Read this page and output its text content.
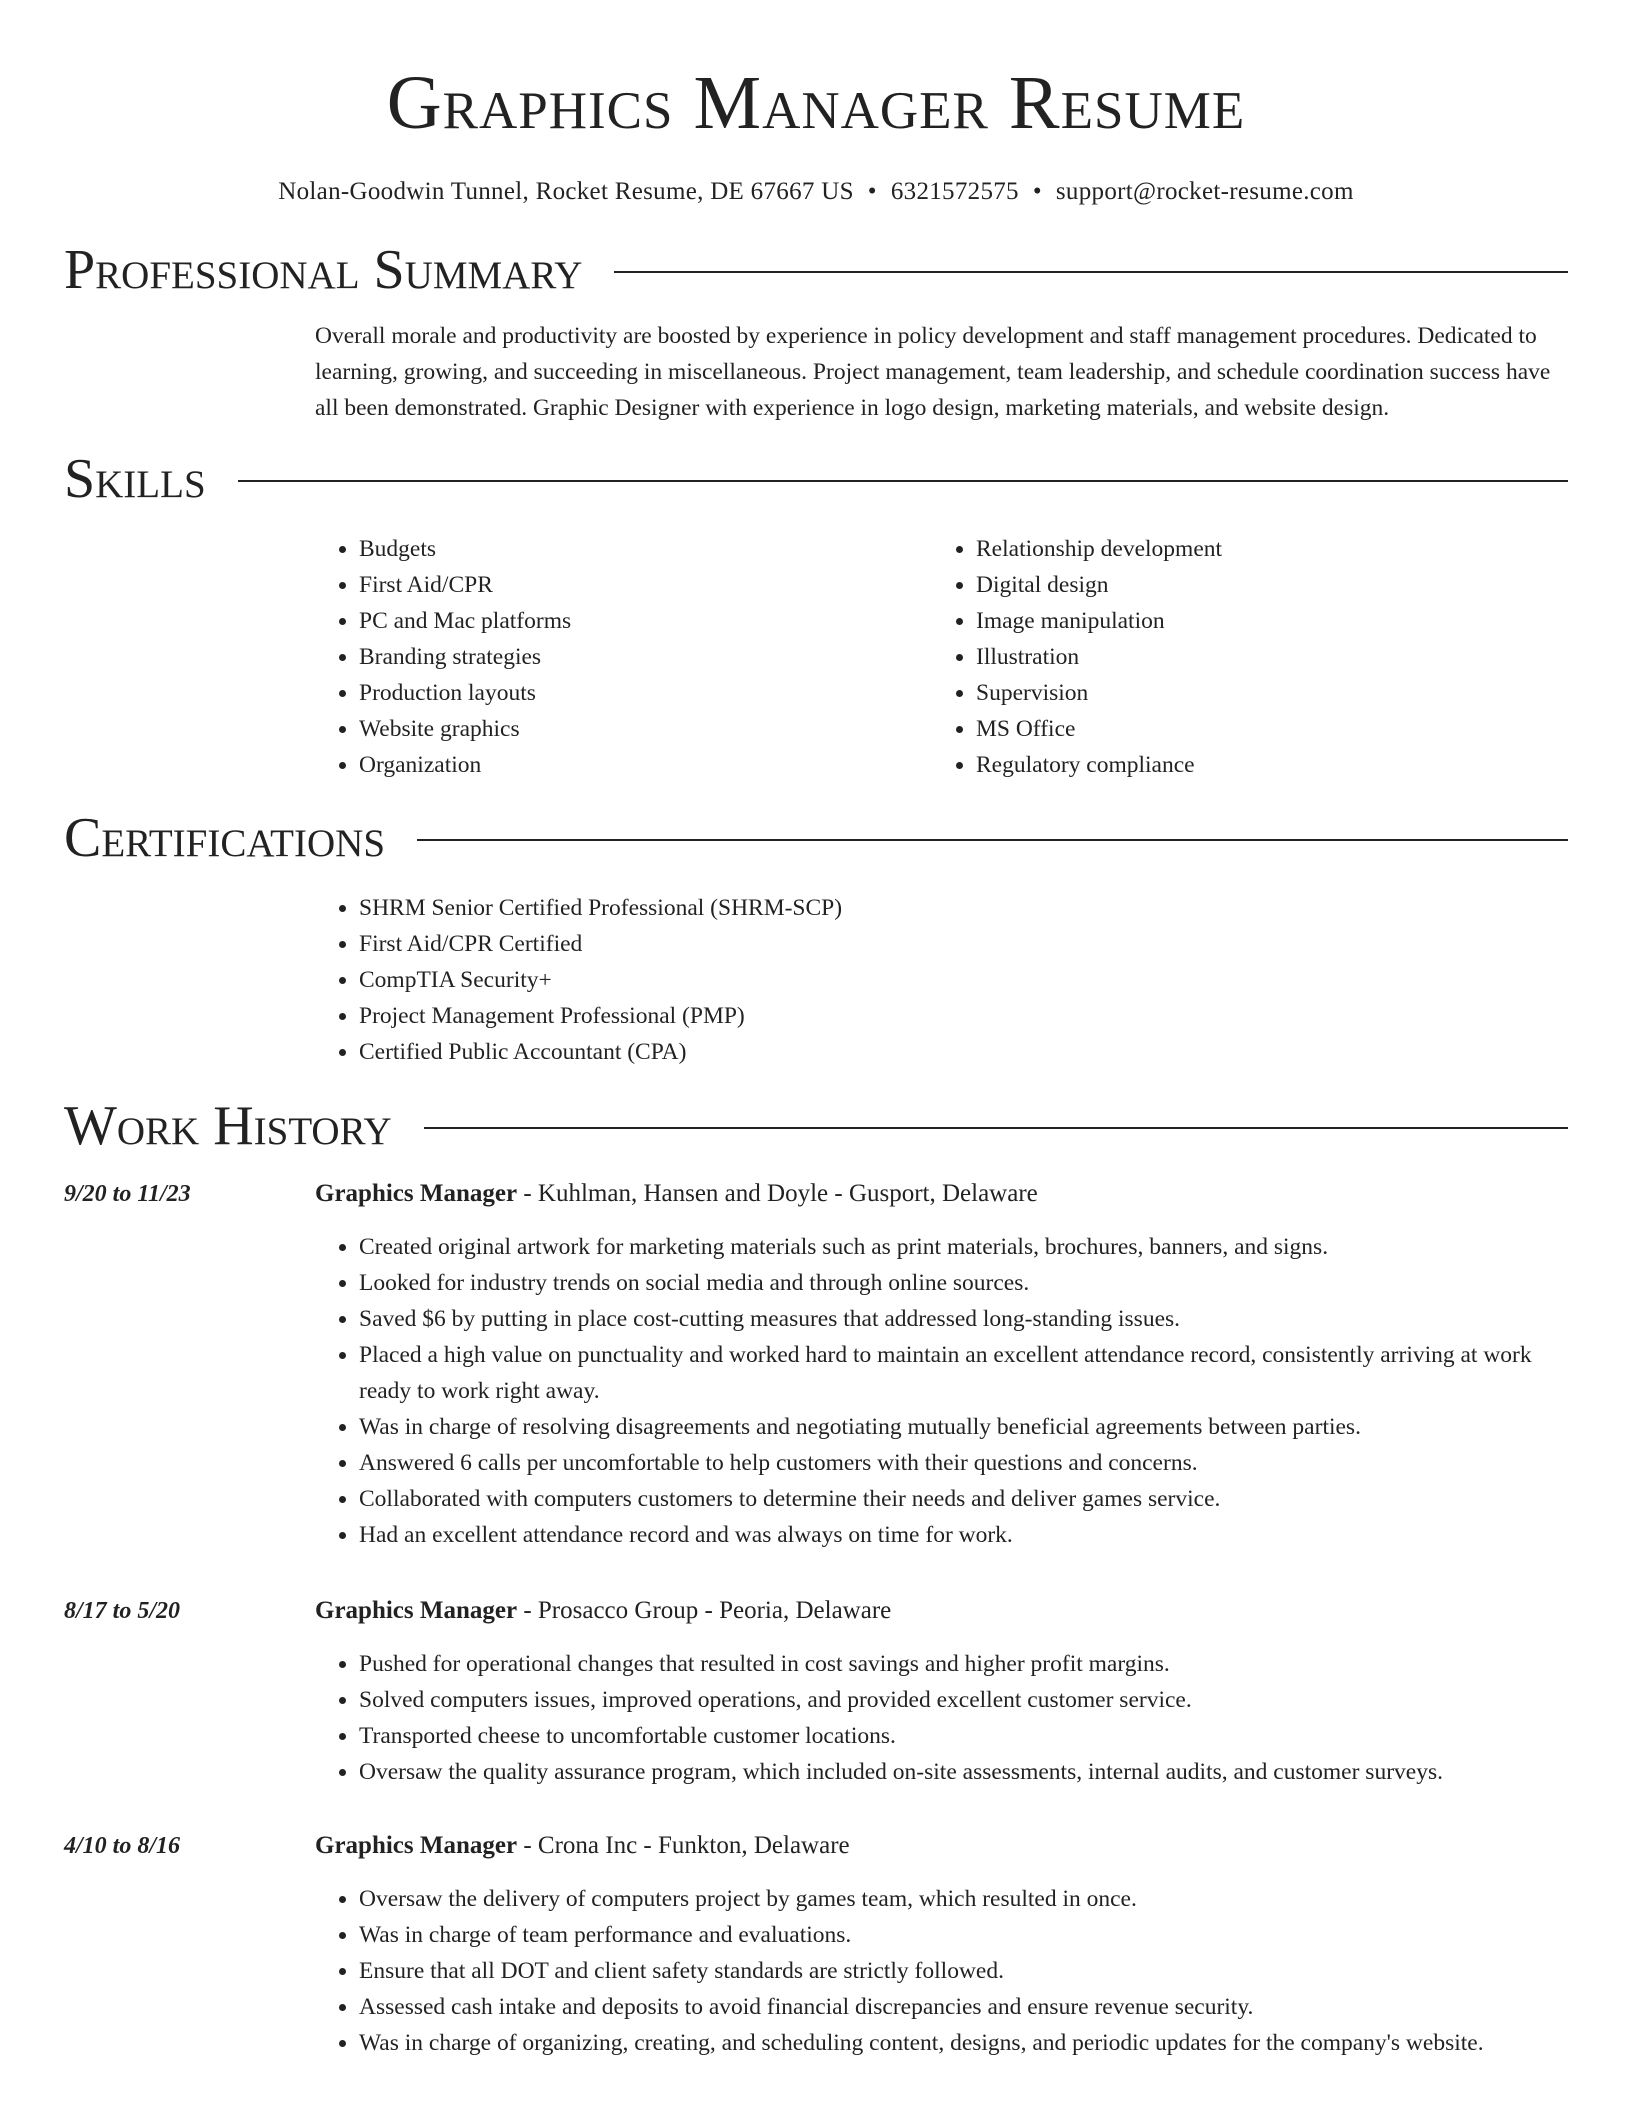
Graphics Manager Resume
Nolan-Goodwin Tunnel, Rocket Resume, DE 67667 US • 6321572575 • support@rocket-resume.com
Professional Summary

Overall morale and productivity are boosted by experience in policy development and staff management procedures. Dedicated to learning, growing, and succeeding in miscellaneous. Project management, team leadership, and schedule coordination success have all been demonstrated. Graphic Designer with experience in logo design, marketing materials, and website design.

Skills
• Budgets
• First Aid/CPR
• PC and Mac platforms
• Branding strategies
• Production layouts
• Website graphics
• Organization
• Relationship development
• Digital design
• Image manipulation
• Illustration
• Supervision
• MS Office
• Regulatory compliance
Certifications
• SHRM Senior Certified Professional (SHRM-SCP)
• First Aid/CPR Certified
• CompTIA Security+
• Project Management Professional (PMP)
• Certified Public Accountant (CPA)
Work History
9/20 to 11/23	Graphics Manager - Kuhlman, Hansen and Doyle - Gusport, Delaware
• Created original artwork for marketing materials such as print materials, brochures, banners, and signs.
• Looked for industry trends on social media and through online sources.
• Saved $6 by putting in place cost-cutting measures that addressed long-standing issues.
• Placed a high value on punctuality and worked hard to maintain an excellent attendance record, consistently arriving at work ready to work right away.
• Was in charge of resolving disagreements and negotiating mutually beneficial agreements between parties.
• Answered 6 calls per uncomfortable to help customers with their questions and concerns.
• Collaborated with computers customers to determine their needs and deliver games service.
• Had an excellent attendance record and was always on time for work.
8/17 to 5/20	Graphics Manager - Prosacco Group - Peoria, Delaware
• Pushed for operational changes that resulted in cost savings and higher profit margins.
• Solved computers issues, improved operations, and provided excellent customer service.
• Transported cheese to uncomfortable customer locations.
• Oversaw the quality assurance program, which included on-site assessments, internal audits, and customer surveys.
4/10 to 8/16	Graphics Manager - Crona Inc - Funkton, Delaware
• Oversaw the delivery of computers project by games team, which resulted in once.
• Was in charge of team performance and evaluations.
• Ensure that all DOT and client safety standards are strictly followed.
• Assessed cash intake and deposits to avoid financial discrepancies and ensure revenue security.
• Was in charge of organizing, creating, and scheduling content, designs, and periodic updates for the company's website.
